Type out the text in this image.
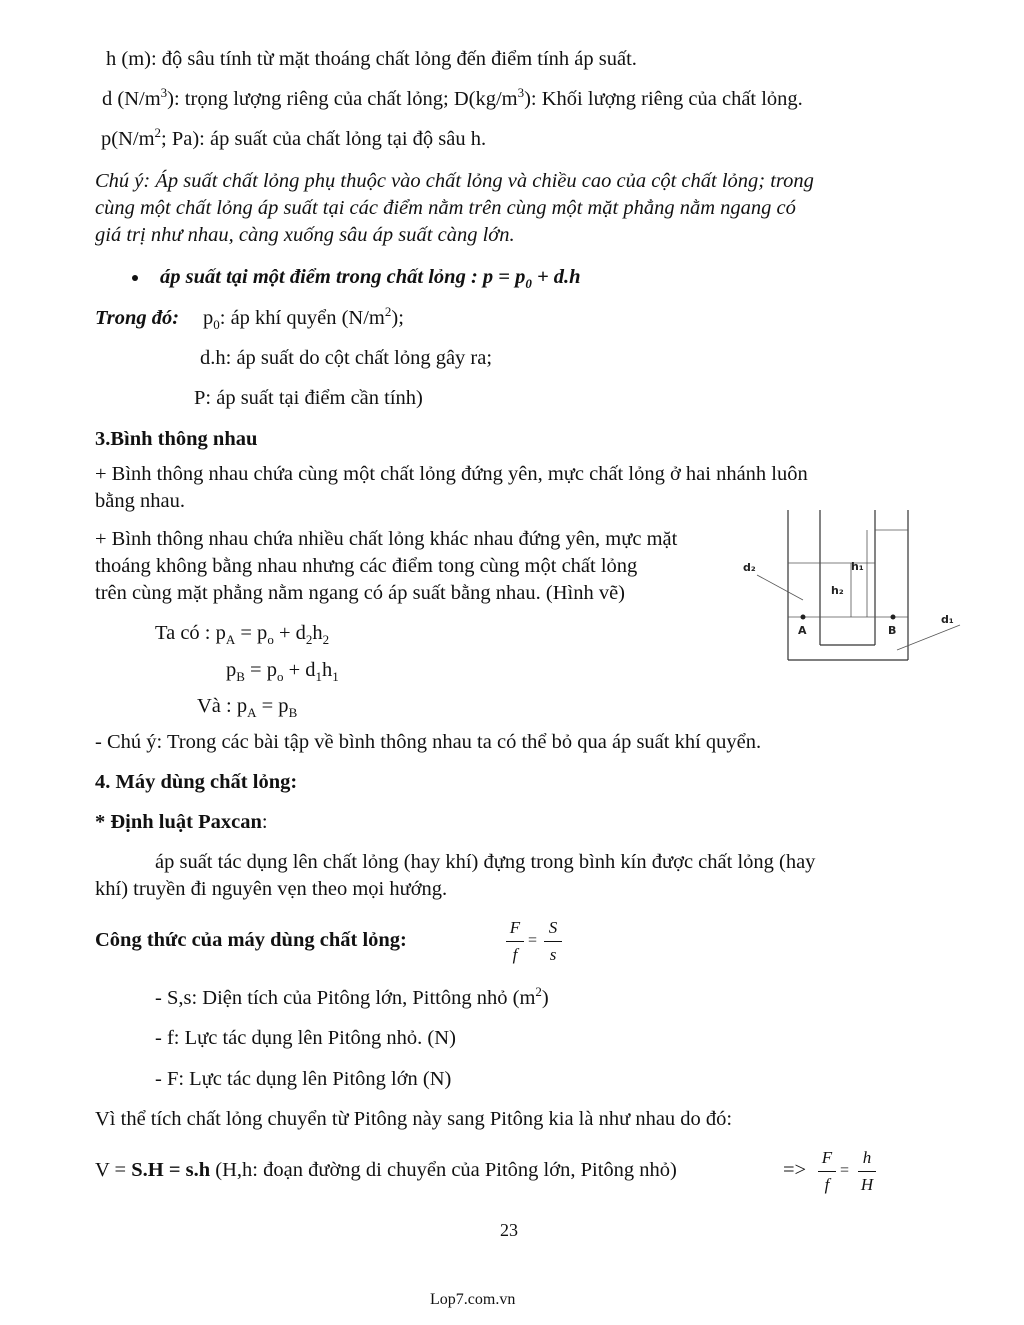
h (m): độ sâu tính từ mặt thoáng chất lỏng đến điểm tính áp suất.
d $(N/m^3)$: trọng lượng riêng của chất lỏng; $D(kg/m^3)$: Khối lượng riêng của chất lỏng.
$p(N/m^2$; Pa): áp suất của chất lỏng tại độ sâu h.
Chú ý: Áp suất chất lỏng phụ thuộc vào chất lỏng và chiều cao của cột chất lỏng; trong
cùng một chất lỏng áp suất tại các điểm nằm trên cùng một mặt phẳng nằm ngang có
giá trị như nhau, càng xuống sâu áp suất càng lớn.
áp suất tại một điểm trong chất lỏng : $p = p_0 + d.h$
Trong đó: $p_0$: áp khí quyển $(N/m^2)$;
d.h: áp suất do cột chất lỏng gây ra;
P: áp suất tại điểm cần tính)
3.Bình thông nhau
+ Bình thông nhau chứa cùng một chất lỏng đứng yên, mực chất lỏng ở hai nhánh luôn
bằng nhau.
+ Bình thông nhau chứa nhiều chất lỏng khác nhau đứng yên, mực mặt
thoáng không bằng nhau nhưng các điểm tong cùng một chất lỏng
trên cùng mặt phẳng nằm ngang có áp suất bằng nhau. (Hình vẽ)
Ta có : $p_A = p_o + d_2h_2$
$p_B = p_o + d_1h_1$
Và : $p_A = p_B$
- Chú ý: Trong các bài tập về bình thông nhau ta có thể bỏ qua áp suất khí quyển.
d₂	h₁
h₂
A	B
d₁
4. Máy dùng chất lỏng:
* Định luật Paxcan:
áp suất tác dụng lên chất lỏng (hay khí) đựng trong bình kín được chất lỏng (hay
khí) truyền đi nguyên vẹn theo mọi hướng.
Công thức của máy dùng chất lỏng:
F
f
=
S
s
- S,s: Diện tích của Pitông lớn, Pittông nhỏ $(m^2)$
- f: Lực tác dụng lên Pitông nhỏ. (N)
- F: Lực tác dụng lên Pitông lớn (N)
Vì thể tích chất lỏng chuyển từ Pitông này sang Pitông kia là như nhau do đó:
V = S.H = s.h (H,h: đoạn đường di chuyển của Pitông lớn, Pitông nhỏ)	=>
F
f
=
h
H
23
Lop7.com.vn
